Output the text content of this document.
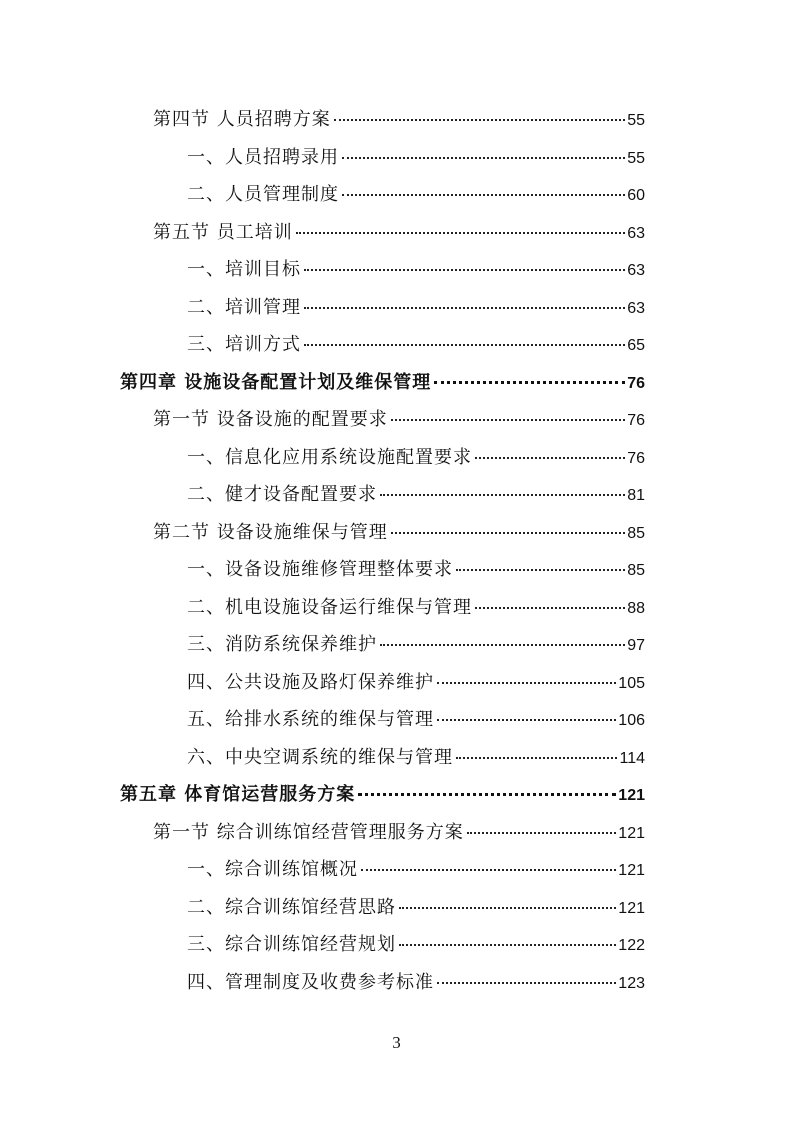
第四节 人员招聘方案	55
一、人员招聘录用	55
二、人员管理制度	60
第五节 员工培训	63
一、培训目标	63
二、培训管理	63
三、培训方式	65
第四章 设施设备配置计划及维保管理	76
第一节 设备设施的配置要求	76
一、信息化应用系统设施配置要求	76
二、健才设备配置要求	81
第二节 设备设施维保与管理	85
一、设备设施维修管理整体要求	85
二、机电设施设备运行维保与管理	88
三、消防系统保养维护	97
四、公共设施及路灯保养维护	105
五、给排水系统的维保与管理	106
六、中央空调系统的维保与管理	114
第五章 体育馆运营服务方案	121
第一节 综合训练馆经营管理服务方案	121
一、综合训练馆概况	121
二、综合训练馆经营思路	121
三、综合训练馆经营规划	122
四、管理制度及收费参考标准	123
3
